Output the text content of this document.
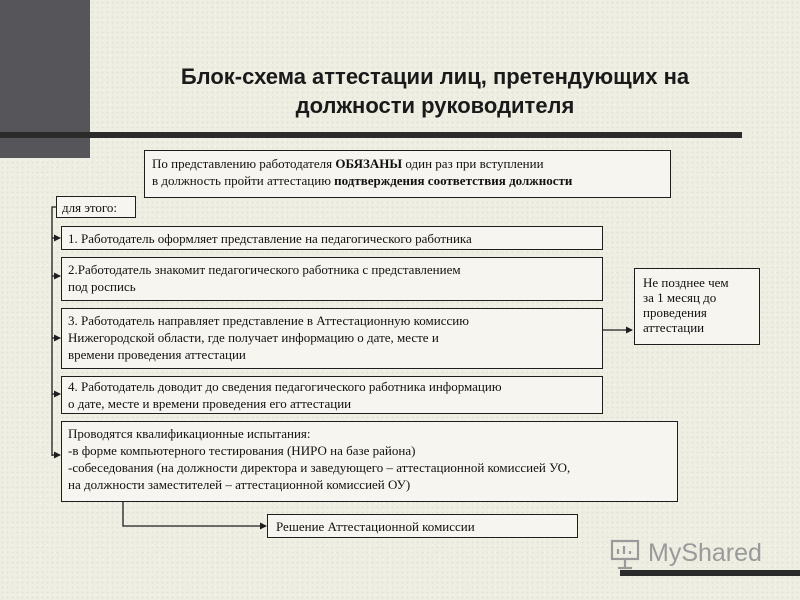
Блок-схема аттестации лиц, претендующих на
должности руководителя
По представлению работодателя ОБЯЗАНЫ один раз при вступлении
в должность пройти аттестацию подтверждения соответствия должности
для этого:
1. Работодатель оформляет представление на педагогического работника
2.Работодатель знакомит педагогического работника с представлением
под роспись
3. Работодатель направляет представление в Аттестационную комиссию
Нижегородской области, где получает информацию о дате, месте и
времени проведения аттестации
4. Работодатель доводит до сведения педагогического работника информацию
о дате, месте и времени проведения его аттестации
Проводятся квалификационные испытания:
-в форме компьютерного тестирования (НИРО на базе района)
-собеседования (на должности директора и заведующего – аттестационной комиссией УО,
на должности заместителей – аттестационной комиссией ОУ)
Решение Аттестационной комиссии
Не позднее чем
за 1 месяц до
проведения
аттестации
MyShared
